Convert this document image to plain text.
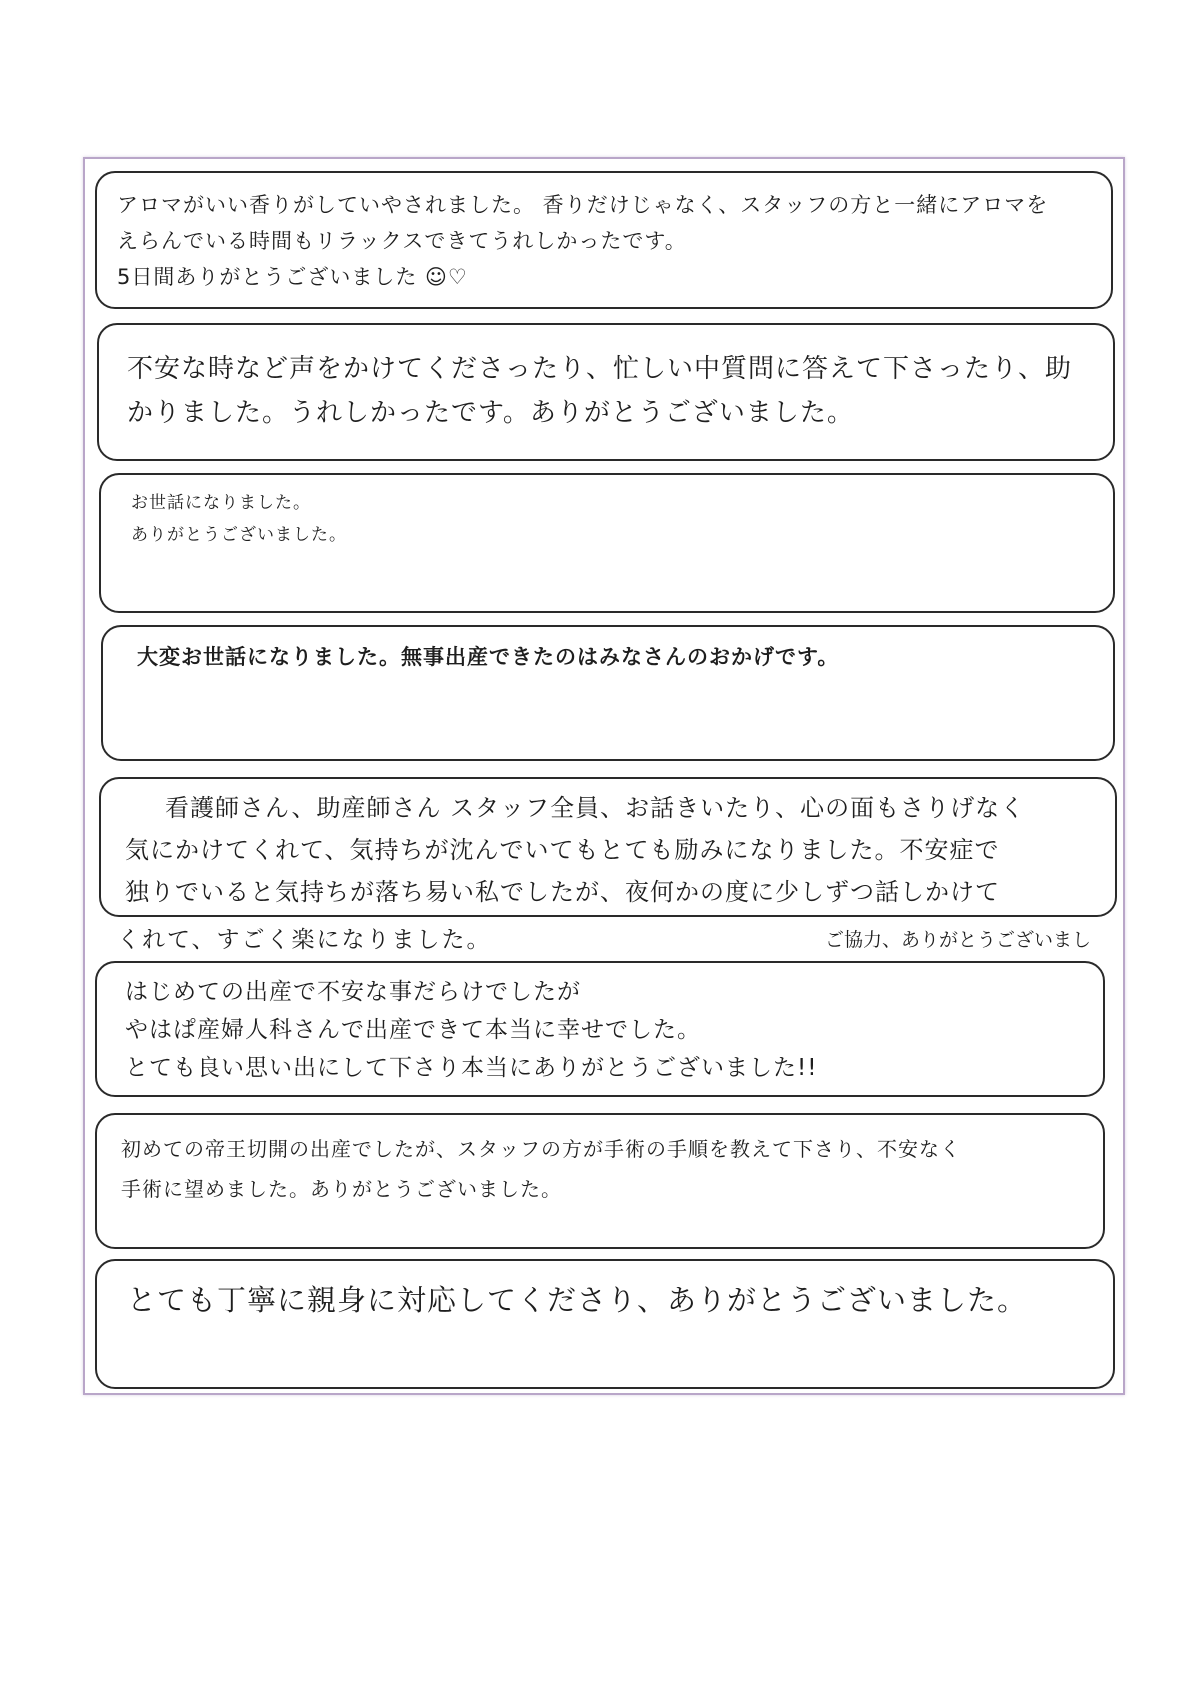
アロマがいい香りがしていやされました。 香りだけじゃなく、スタッフの方と一緒にアロマを
えらんでいる時間もリラックスできてうれしかったです。
5日間ありがとうございました ☺♡
不安な時など声をかけてくださったり、忙しい中質問に答えて下さったり、助かりました。うれしかったです。ありがとうございました。
お世話になりました。
ありがとうございました。
大変お世話になりました。無事出産できたのはみなさんのおかげです。
看護師さん、助産師さん スタッフ全員、お話きいたり、心の面もさりげなく
気にかけてくれて、気持ちが沈んでいてもとても励みになりました。不安症で
独りでいると気持ちが落ち易い私でしたが、夜何かの度に少しずつ話しかけて
くれて、すごく楽になりました。	ご協力、ありがとうございまし
はじめての出産で不安な事だらけでしたが
やはぱ産婦人科さんで出産できて本当に幸せでした。
とても良い思い出にして下さり本当にありがとうございました!!
初めての帝王切開の出産でしたが、スタッフの方が手術の手順を教えて下さり、不安なく
手術に望めました。ありがとうございました。
とても丁寧に親身に対応してくださり、ありがとうございました。
